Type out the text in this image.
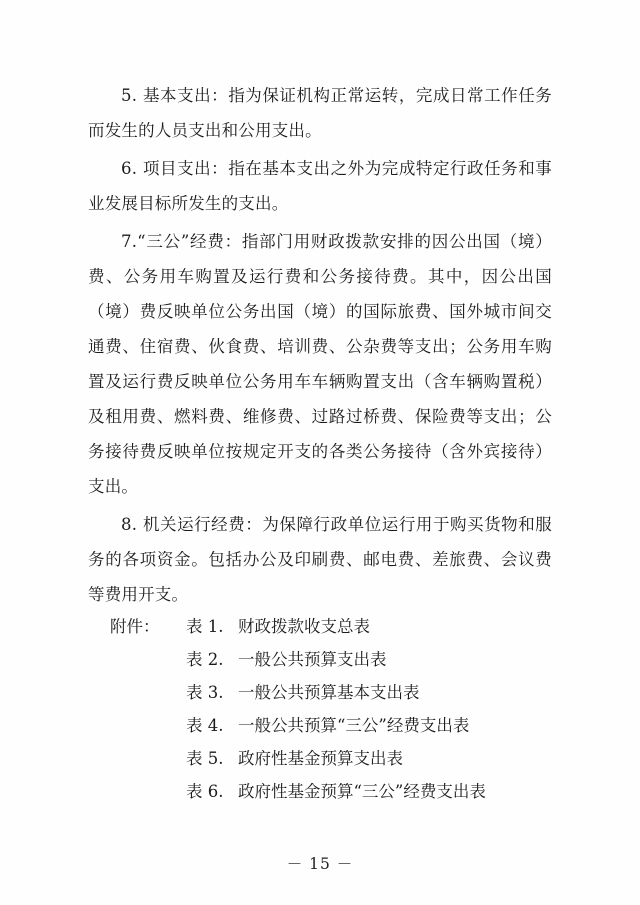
5. 基本支出：指为保证机构正常运转，完成日常工作任务而发生的人员支出和公用支出。

6. 项目支出：指在基本支出之外为完成特定行政任务和事业发展目标所发生的支出。

7.“三公”经费：指部门用财政拨款安排的因公出国（境）费、公务用车购置及运行费和公务接待费。其中，因公出国（境）费反映单位公务出国（境）的国际旅费、国外城市间交通费、住宿费、伙食费、培训费、公杂费等支出；公务用车购置及运行费反映单位公务用车车辆购置支出（含车辆购置税）及租用费、燃料费、维修费、过路过桥费、保险费等支出；公务接待费反映单位按规定开支的各类公务接待（含外宾接待）支出。

8. 机关运行经费：为保障行政单位运行用于购买货物和服务的各项资金。包括办公及印刷费、邮电费、差旅费、会议费等费用开支。

附件：	表 1. 财政拨款收支总表
表 2. 一般公共预算支出表
表 3. 一般公共预算基本支出表
表 4. 一般公共预算“三公”经费支出表
表 5. 政府性基金预算支出表
表 6. 政府性基金预算“三公”经费支出表
－ 15 －
